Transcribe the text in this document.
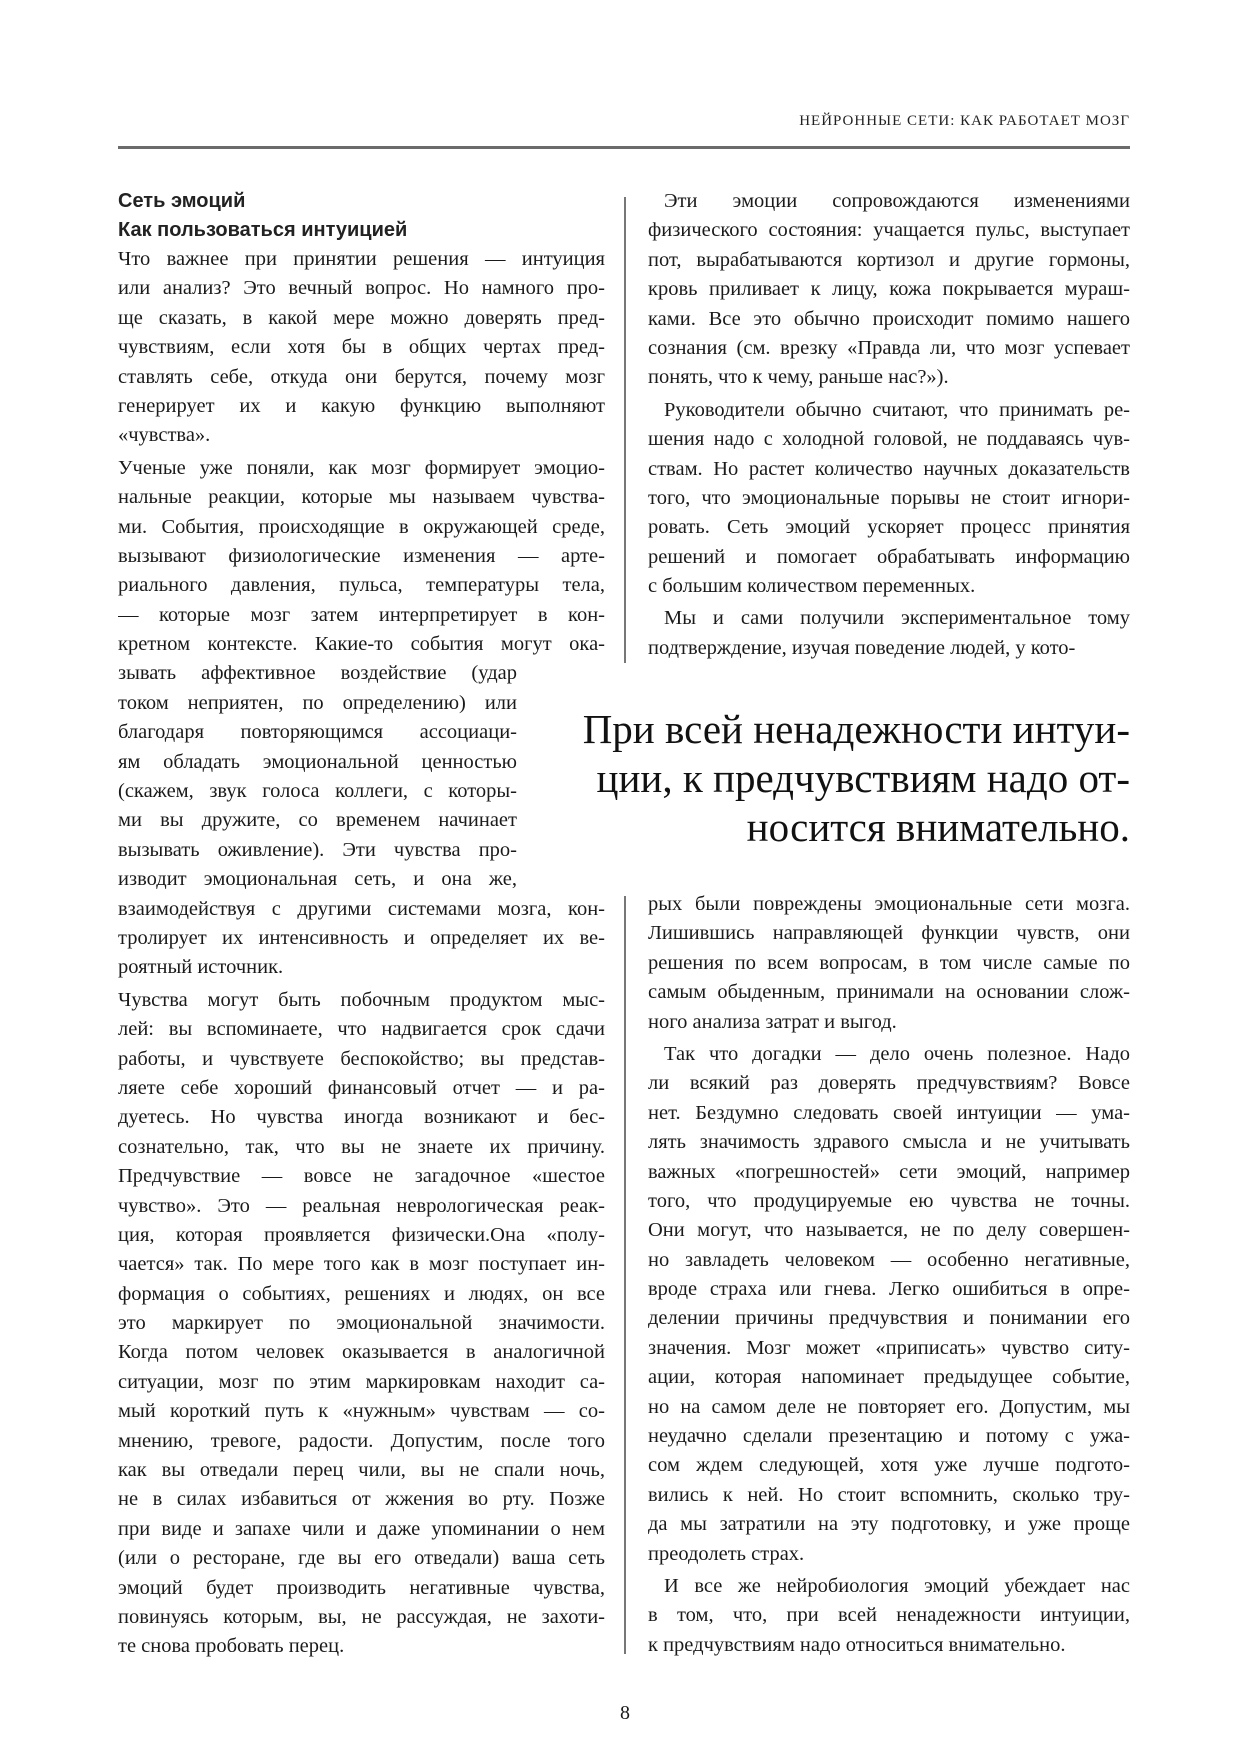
НЕЙРОННЫЕ СЕТИ: КАК РАБОТАЕТ МОЗГ
Сеть эмоций
Как пользоваться интуицией
Что важнее при принятии решения — интуиция
или анализ? Это вечный вопрос. Но намного про-
ще сказать, в какой мере можно доверять пред-
чувствиям, если хотя бы в общих чертах пред-
ставлять себе, откуда они берутся, почему мозг
генерирует их и какую функцию выполняют
«чувства».
Ученые уже поняли, как мозг формирует эмоцио-
нальные реакции, которые мы называем чувства-
ми. События, происходящие в окружающей среде,
вызывают физиологические изменения — арте-
риального давления, пульса, температуры тела,
— которые мозг затем интерпретирует в кон-
кретном контексте. Какие-то события могут ока-
зывать аффективное воздействие (удар
током неприятен, по определению) или
благодаря повторяющимся ассоциаци-
ям обладать эмоциональной ценностью
(скажем, звук голоса коллеги, с которы-
ми вы дружите, со временем начинает
вызывать оживление). Эти чувства про-
изводит эмоциональная сеть, и она же,
взаимодействуя с другими системами мозга, кон-
тролирует их интенсивность и определяет их ве-
роятный источник.
Чувства могут быть побочным продуктом мыс-
лей: вы вспоминаете, что надвигается срок сдачи
работы, и чувствуете беспокойство; вы представ-
ляете себе хороший финансовый отчет — и ра-
дуетесь. Но чувства иногда возникают и бес-
сознательно, так, что вы не знаете их причину.
Предчувствие — вовсе не загадочное «шестое
чувство». Это — реальная неврологическая реак-
ция, которая проявляется физически.Она «полу-
чается» так. По мере того как в мозг поступает ин-
формация о событиях, решениях и людях, он все
это маркирует по эмоциональной значимости.
Когда потом человек оказывается в аналогичной
ситуации, мозг по этим маркировкам находит са-
мый короткий путь к «нужным» чувствам — со-
мнению, тревоге, радости. Допустим, после того
как вы отведали перец чили, вы не спали ночь,
не в силах избавиться от жжения во рту. Позже
при виде и запахе чили и даже упоминании о нем
(или о ресторане, где вы его отведали) ваша сеть
эмоций будет производить негативные чувства,
повинуясь которым, вы, не рассуждая, не захоти-
те снова пробовать перец.
Эти эмоции сопровождаются изменениями
физического состояния: учащается пульс, выступает
пот, вырабатываются кортизол и другие гормоны,
кровь приливает к лицу, кожа покрывается мураш-
ками. Все это обычно происходит помимо нашего
сознания (см. врезку «Правда ли, что мозг успевает
понять, что к чему, раньше нас?»).
Руководители обычно считают, что принимать ре-
шения надо с холодной головой, не поддаваясь чув-
ствам. Но растет количество научных доказательств
того, что эмоциональные порывы не стоит игнори-
ровать. Сеть эмоций ускоряет процесс принятия
решений и помогает обрабатывать информацию
с большим количеством переменных.
Мы и сами получили экспериментальное тому
подтверждение, изучая поведение людей, у кото-
рых были повреждены эмоциональные сети мозга.
Лишившись направляющей функции чувств, они
решения по всем вопросам, в том числе самые по
самым обыденным, принимали на основании слож-
ного анализа затрат и выгод.
Так что догадки — дело очень полезное. Надо
ли всякий раз доверять предчувствиям? Вовсе
нет. Бездумно следовать своей интуиции — ума-
лять значимость здравого смысла и не учитывать
важных «погрешностей» сети эмоций, например
того, что продуцируемые ею чувства не точны.
Они могут, что называется, не по делу совершен-
но завладеть человеком — особенно негативные,
вроде страха или гнева. Легко ошибиться в опре-
делении причины предчувствия и понимании его
значения. Мозг может «приписать» чувство ситу-
ации, которая напоминает предыдущее событие,
но на самом деле не повторяет его. Допустим, мы
неудачно сделали презентацию и потому с ужа-
сом ждем следующей, хотя уже лучше подгото-
вились к ней. Но стоит вспомнить, сколько тру-
да мы затратили на эту подготовку, и уже проще
преодолеть страх.
И все же нейробиология эмоций убеждает нас
в том, что, при всей ненадежности интуиции,
к предчувствиям надо относиться внимательно.
При всей ненадежности интуи-
ции, к предчувствиям надо от-
носится внимательно.
8
